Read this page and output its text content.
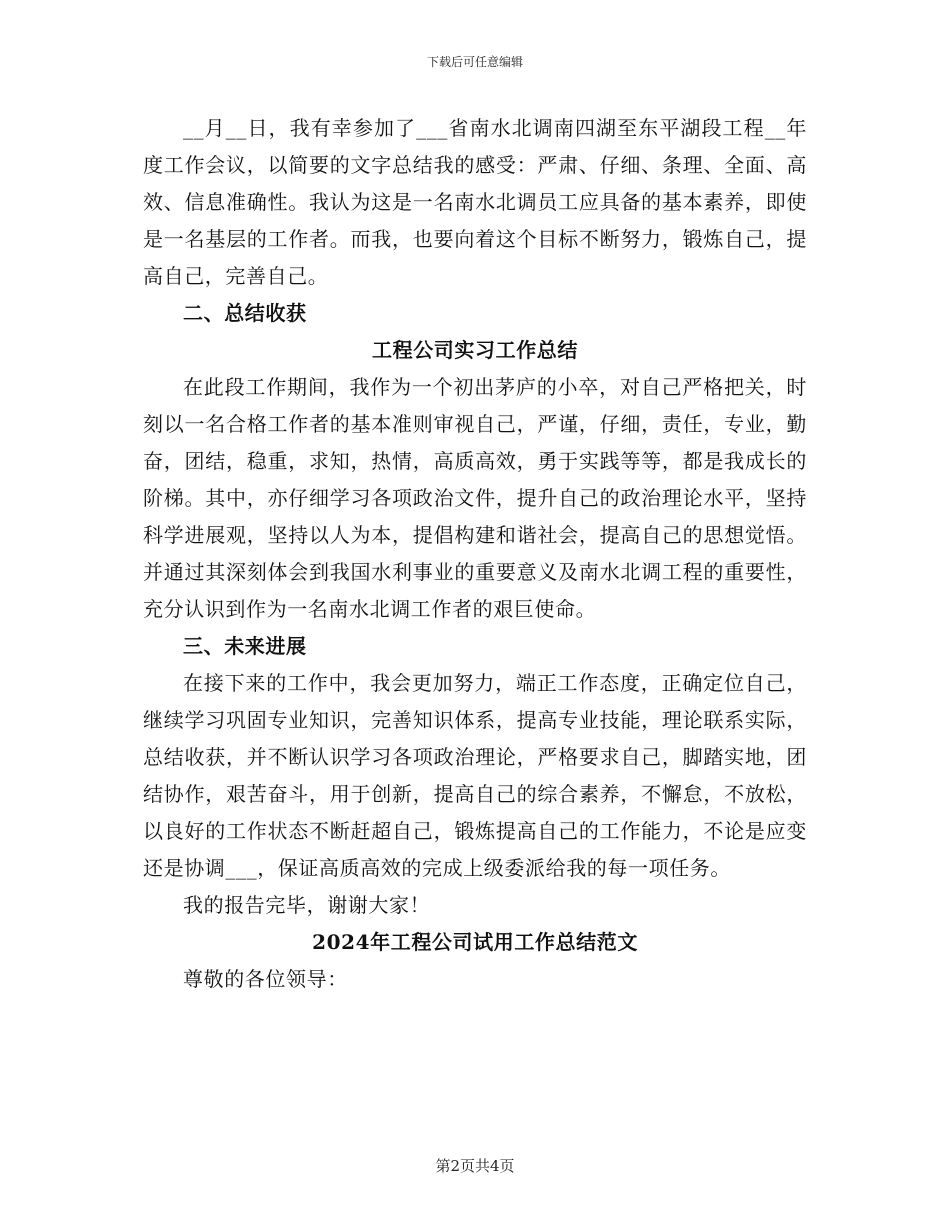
下载后可任意编辑

__月__日，我有幸参加了___省南水北调南四湖至东平湖段工程__年度工作会议，以简要的文字总结我的感受：严肃、仔细、条理、全面、高效、信息准确性。我认为这是一名南水北调员工应具备的基本素养，即使是一名基层的工作者。而我，也要向着这个目标不断努力，锻炼自己，提高自己，完善自己。

二、总结收获

工程公司实习工作总结

在此段工作期间，我作为一个初出茅庐的小卒，对自己严格把关，时刻以一名合格工作者的基本准则审视自己，严谨，仔细，责任，专业，勤奋，团结，稳重，求知，热情，高质高效，勇于实践等等，都是我成长的阶梯。其中，亦仔细学习各项政治文件，提升自己的政治理论水平，坚持科学进展观，坚持以人为本，提倡构建和谐社会，提高自己的思想觉悟。并通过其深刻体会到我国水利事业的重要意义及南水北调工程的重要性，充分认识到作为一名南水北调工作者的艰巨使命。

三、未来进展

在接下来的工作中，我会更加努力，端正工作态度，正确定位自己，继续学习巩固专业知识，完善知识体系，提高专业技能，理论联系实际，总结收获，并不断认识学习各项政治理论，严格要求自己，脚踏实地，团结协作，艰苦奋斗，用于创新，提高自己的综合素养，不懈怠，不放松，以良好的工作状态不断赶超自己，锻炼提高自己的工作能力，不论是应变还是协调___，保证高质高效的完成上级委派给我的每一项任务。

我的报告完毕，谢谢大家！

2024年工程公司试用工作总结范文

尊敬的各位领导：

第2页共4页
